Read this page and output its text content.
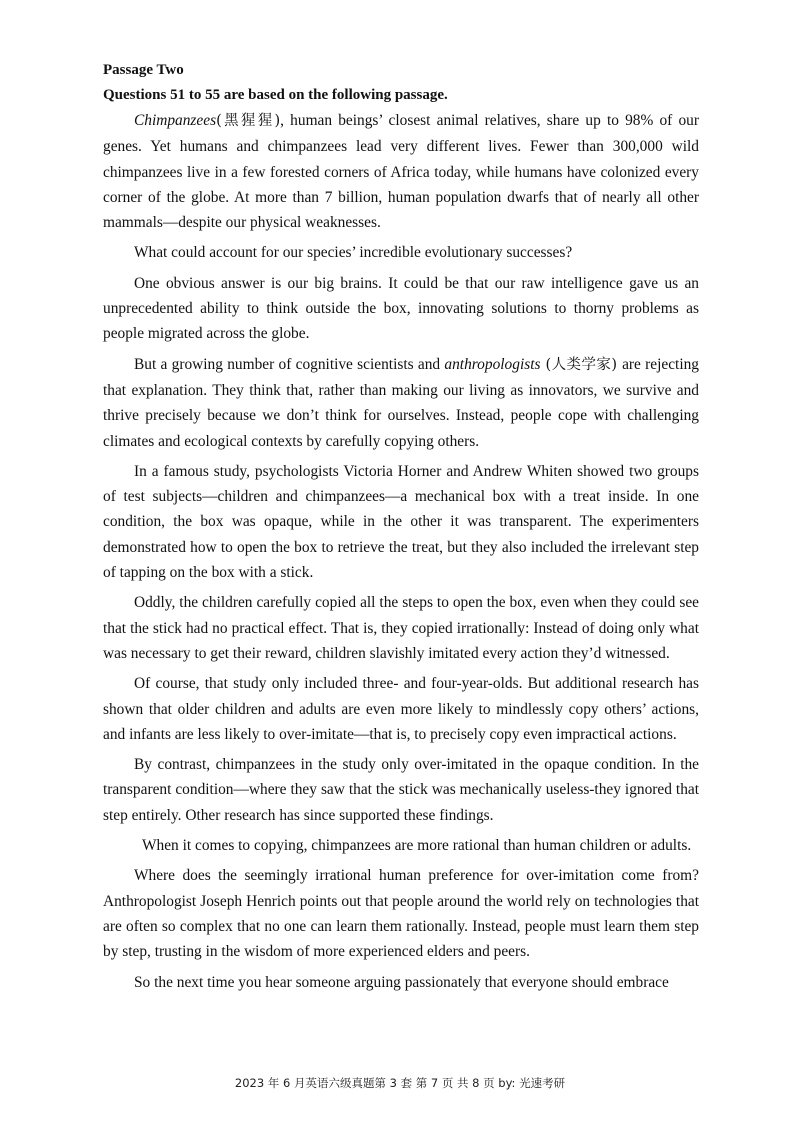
Passage Two
Questions 51 to 55 are based on the following passage.

Chimpanzees(黑猩猩), human beings’ closest animal relatives, share up to 98% of our genes. Yet humans and chimpanzees lead very different lives. Fewer than 300,000 wild chimpanzees live in a few forested corners of Africa today, while humans have colonized every corner of the globe. At more than 7 billion, human population dwarfs that of nearly all other mammals—despite our physical weaknesses.

What could account for our species’ incredible evolutionary successes?

One obvious answer is our big brains. It could be that our raw intelligence gave us an unprecedented ability to think outside the box, innovating solutions to thorny problems as people migrated across the globe.

But a growing number of cognitive scientists and anthropologists (人类学家) are rejecting that explanation. They think that, rather than making our living as innovators, we survive and thrive precisely because we don’t think for ourselves. Instead, people cope with challenging climates and ecological contexts by carefully copying others.

In a famous study, psychologists Victoria Horner and Andrew Whiten showed two groups of test subjects—children and chimpanzees—a mechanical box with a treat inside. In one condition, the box was opaque, while in the other it was transparent. The experimenters demonstrated how to open the box to retrieve the treat, but they also included the irrelevant step of tapping on the box with a stick.

Oddly, the children carefully copied all the steps to open the box, even when they could see that the stick had no practical effect. That is, they copied irrationally: Instead of doing only what was necessary to get their reward, children slavishly imitated every action they’d witnessed.

Of course, that study only included three- and four-year-olds. But additional research has shown that older children and adults are even more likely to mindlessly copy others’ actions, and infants are less likely to over-imitate—that is, to precisely copy even impractical actions.

By contrast, chimpanzees in the study only over-imitated in the opaque condition. In the transparent condition—where they saw that the stick was mechanically useless-they ignored that step entirely. Other research has since supported these findings.

When it comes to copying, chimpanzees are more rational than human children or adults.

Where does the seemingly irrational human preference for over-imitation come from? Anthropologist Joseph Henrich points out that people around the world rely on technologies that are often so complex that no one can learn them rationally. Instead, people must learn them step by step, trusting in the wisdom of more experienced elders and peers.

So the next time you hear someone arguing passionately that everyone should embrace

2023 年 6 月英语六级真题第 3 套 第 7 页 共 8 页 by: 光速考研
